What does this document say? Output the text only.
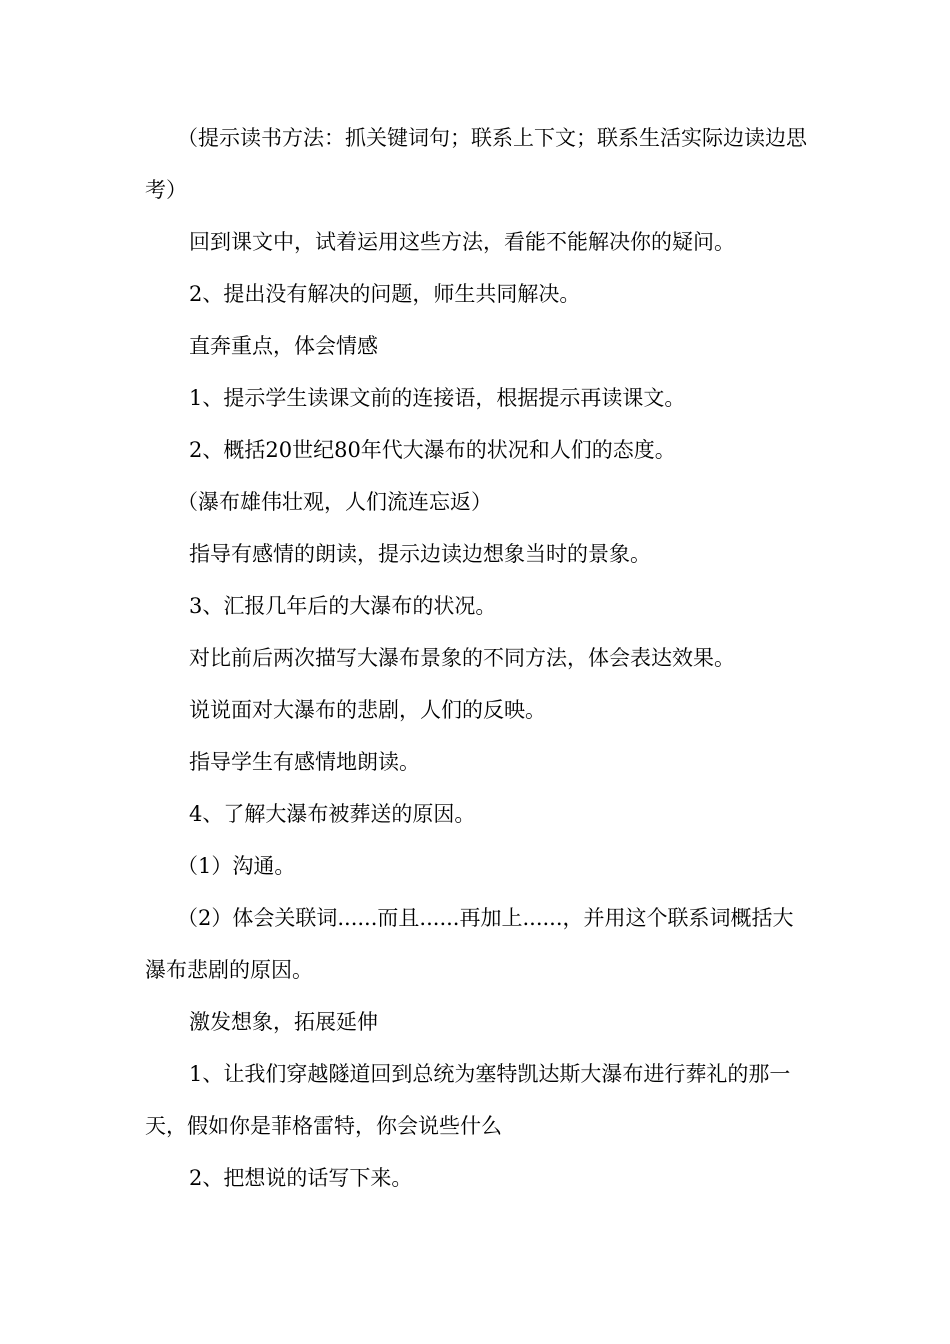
（提示读书方法：抓关键词句；联系上下文；联系生活实际边读边思考）

回到课文中，试着运用这些方法，看能不能解决你的疑问。

2、提出没有解决的问题，师生共同解决。

直奔重点，体会情感

1、提示学生读课文前的连接语，根据提示再读课文。

2、概括20世纪80年代大瀑布的状况和人们的态度。

（瀑布雄伟壮观，人们流连忘返）

指导有感情的朗读，提示边读边想象当时的景象。

3、汇报几年后的大瀑布的状况。

对比前后两次描写大瀑布景象的不同方法，体会表达效果。

说说面对大瀑布的悲剧，人们的反映。

指导学生有感情地朗读。

4、了解大瀑布被葬送的原因。

（1）沟通。

（2）体会关联词......而且......再加上......，并用这个联系词概括大瀑布悲剧的原因。

激发想象，拓展延伸

1、让我们穿越隧道回到总统为塞特凯达斯大瀑布进行葬礼的那一天，假如你是菲格雷特，你会说些什么

2、把想说的话写下来。
